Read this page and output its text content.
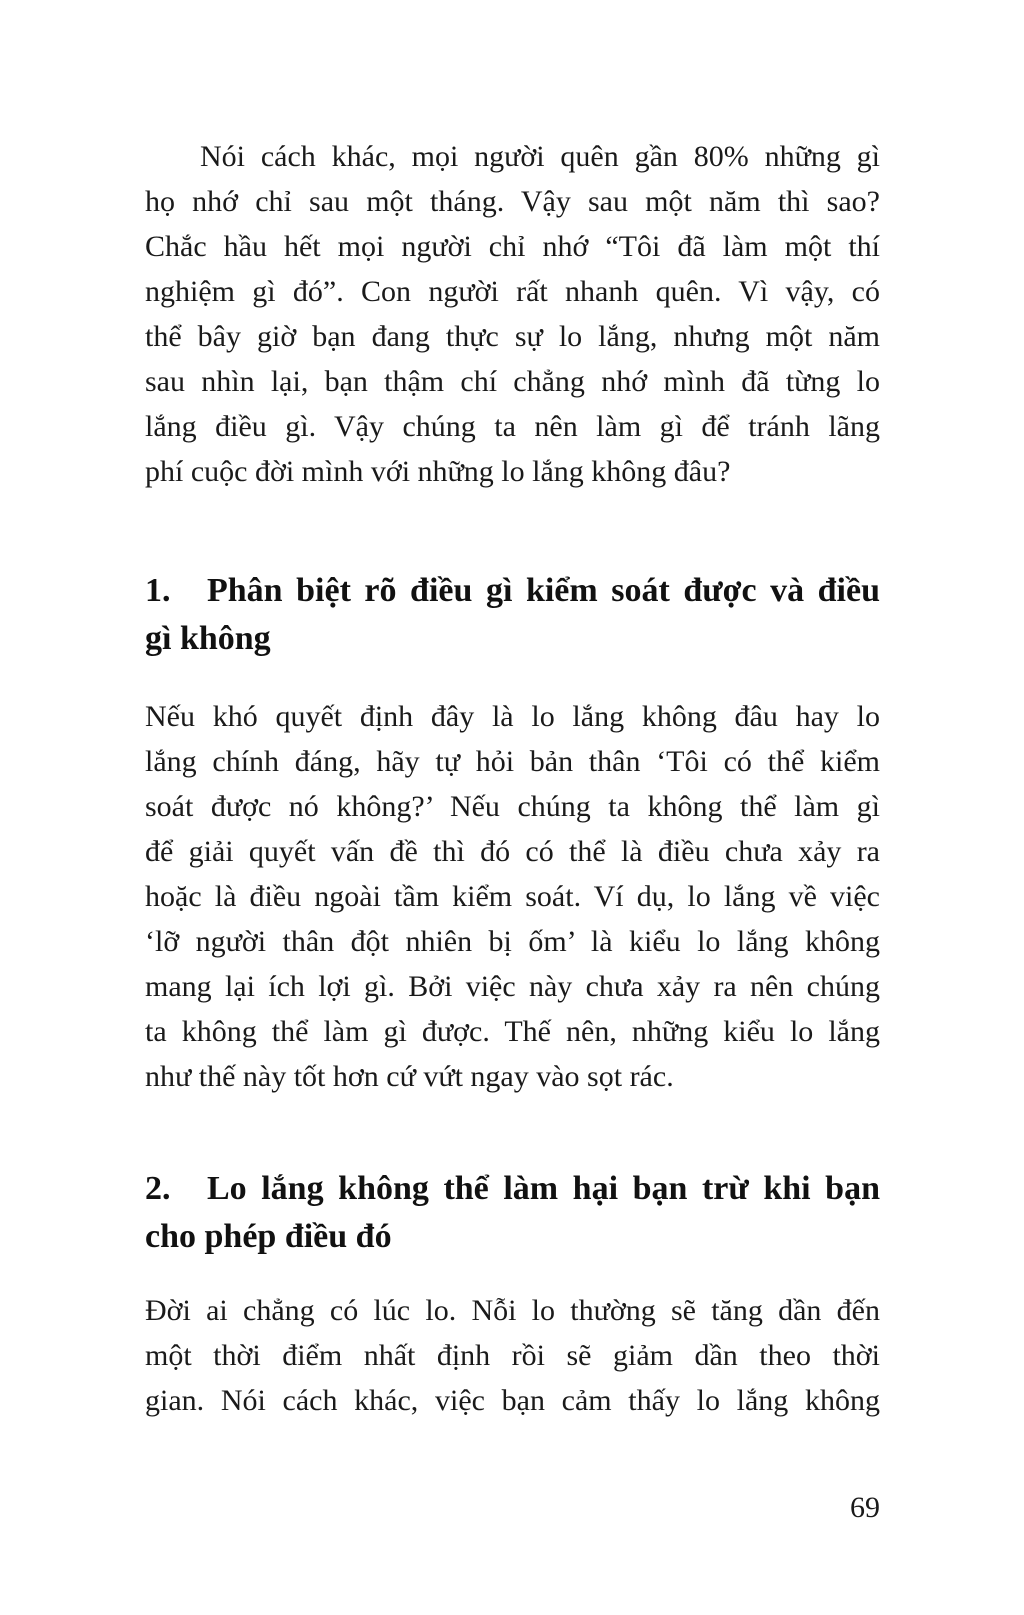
Nói cách khác, mọi người quên gần 80% những gì
họ nhớ chỉ sau một tháng. Vậy sau một năm thì sao?
Chắc hầu hết mọi người chỉ nhớ “Tôi đã làm một thí
nghiệm gì đó”. Con người rất nhanh quên. Vì vậy, có
thể bây giờ bạn đang thực sự lo lắng, nhưng một năm
sau nhìn lại, bạn thậm chí chẳng nhớ mình đã từng lo
lắng điều gì. Vậy chúng ta nên làm gì để tránh lãng
phí cuộc đời mình với những lo lắng không đâu?

1.	Phân biệt rõ điều gì kiểm soát được và điều
gì không

Nếu khó quyết định đây là lo lắng không đâu hay lo
lắng chính đáng, hãy tự hỏi bản thân ‘Tôi có thể kiểm
soát được nó không?’ Nếu chúng ta không thể làm gì
để giải quyết vấn đề thì đó có thể là điều chưa xảy ra
hoặc là điều ngoài tầm kiểm soát. Ví dụ, lo lắng về việc
‘lỡ người thân đột nhiên bị ốm’ là kiểu lo lắng không
mang lại ích lợi gì. Bởi việc này chưa xảy ra nên chúng
ta không thể làm gì được. Thế nên, những kiểu lo lắng
như thế này tốt hơn cứ vứt ngay vào sọt rác.

2.	Lo lắng không thể làm hại bạn trừ khi bạn
cho phép điều đó

Đời ai chẳng có lúc lo. Nỗi lo thường sẽ tăng dần đến
một thời điểm nhất định rồi sẽ giảm dần theo thời
gian. Nói cách khác, việc bạn cảm thấy lo lắng không

69
